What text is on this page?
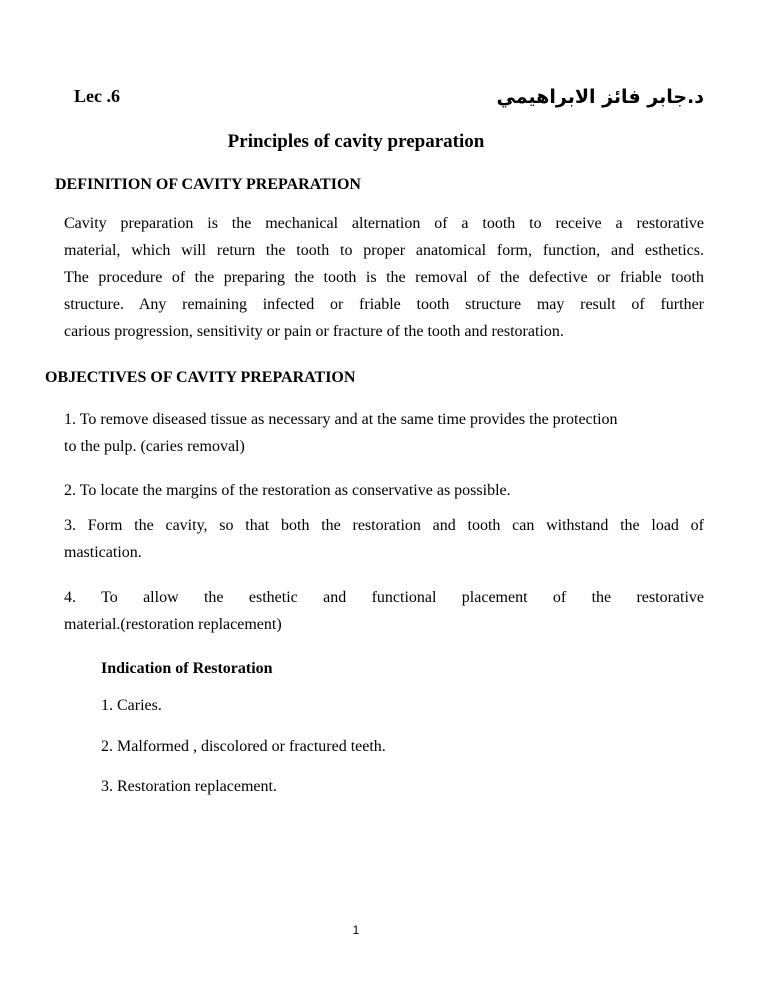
Lec .6	د.جابر فائز الابراهيمي
Principles of cavity preparation
DEFINITION OF CAVITY PREPARATION
Cavity preparation is the mechanical alternation of a tooth to receive a restorative
material, which will return the tooth to proper anatomical form, function, and esthetics.
The procedure of the preparing the tooth is the removal of the defective or friable tooth
structure. Any remaining infected or friable tooth structure may result of further
carious progression, sensitivity or pain or fracture of the tooth and restoration.
OBJECTIVES OF CAVITY PREPARATION
1. To remove diseased tissue as necessary and at the same time provides the protection
to the pulp. (caries removal)
2. To locate the margins of the restoration as conservative as possible.
3. Form the cavity, so that both the restoration and tooth can withstand the load of
mastication.
4. To allow the esthetic and functional placement of the restorative
material.(restoration replacement)
Indication of Restoration
1. Caries.
2. Malformed , discolored or fractured teeth.
3. Restoration replacement.
1
